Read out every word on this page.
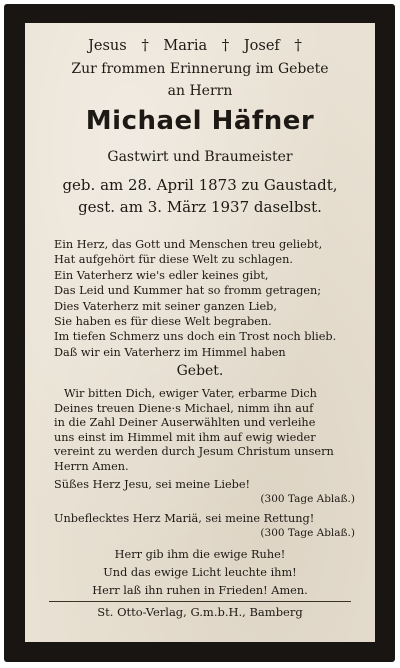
Jesus † Maria † Josef †
Zur frommen Erinnerung im Gebete
an Herrn
Michael Häfner
Gastwirt und Braumeister
geb. am 28. April 1873 zu Gaustadt,
gest. am 3. März 1937 daselbst.
Ein Herz, das Gott und Menschen treu geliebt,
Hat aufgehört für diese Welt zu schlagen.
Ein Vaterherz wie's edler keines gibt,
Das Leid und Kummer hat so fromm getragen;
Dies Vaterherz mit seiner ganzen Lieb,
Sie haben es für diese Welt begraben.
Im tiefen Schmerz uns doch ein Trost noch blieb.
Daß wir ein Vaterherz im Himmel haben
Gebet.
Wir bitten Dich, ewiger Vater, erbarme Dich
Deines treuen Diene·s Michael, nimm ihn auf
in die Zahl Deiner Auserwählten und verleihe
uns einst im Himmel mit ihm auf ewig wieder
vereint zu werden durch Jesum Christum unsern
Herrn Amen.
Süßes Herz Jesu, sei meine Liebe!
(300 Tage Ablaß.)
Unbeflecktes Herz Mariä, sei meine Rettung!
(300 Tage Ablaß.)
Herr gib ihm die ewige Ruhe!
Und das ewige Licht leuchte ihm!
Herr laß ihn ruhen in Frieden! Amen.
St. Otto-Verlag, G.m.b.H., Bamberg
